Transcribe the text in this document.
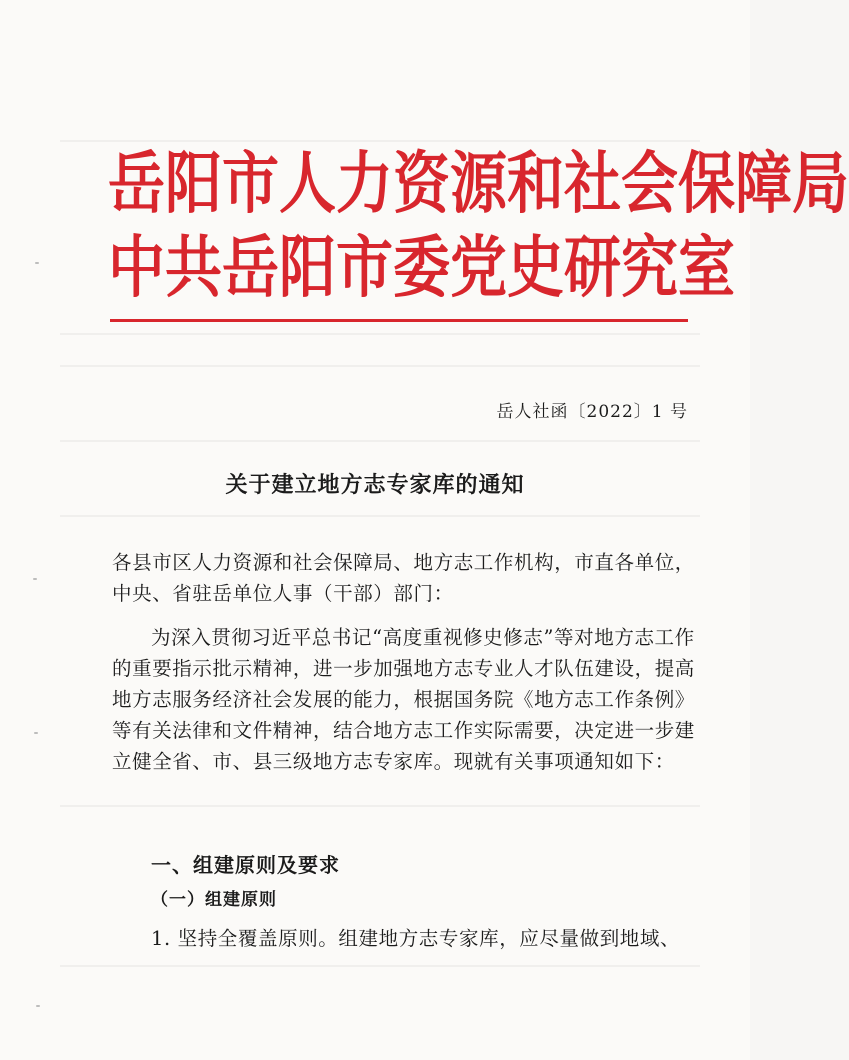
岳阳市人力资源和社会保障局
中共岳阳市委党史研究室
岳人社函〔2022〕1 号
关于建立地方志专家库的通知
各县市区人力资源和社会保障局、地方志工作机构，市直各单位，中央、省驻岳单位人事（干部）部门：
为深入贯彻习近平总书记“高度重视修史修志”等对地方志工作的重要指示批示精神，进一步加强地方志专业人才队伍建设，提高地方志服务经济社会发展的能力，根据国务院《地方志工作条例》等有关法律和文件精神，结合地方志工作实际需要，决定进一步建立健全省、市、县三级地方志专家库。现就有关事项通知如下：
一、组建原则及要求
（一）组建原则
1. 坚持全覆盖原则。组建地方志专家库，应尽量做到地域、
